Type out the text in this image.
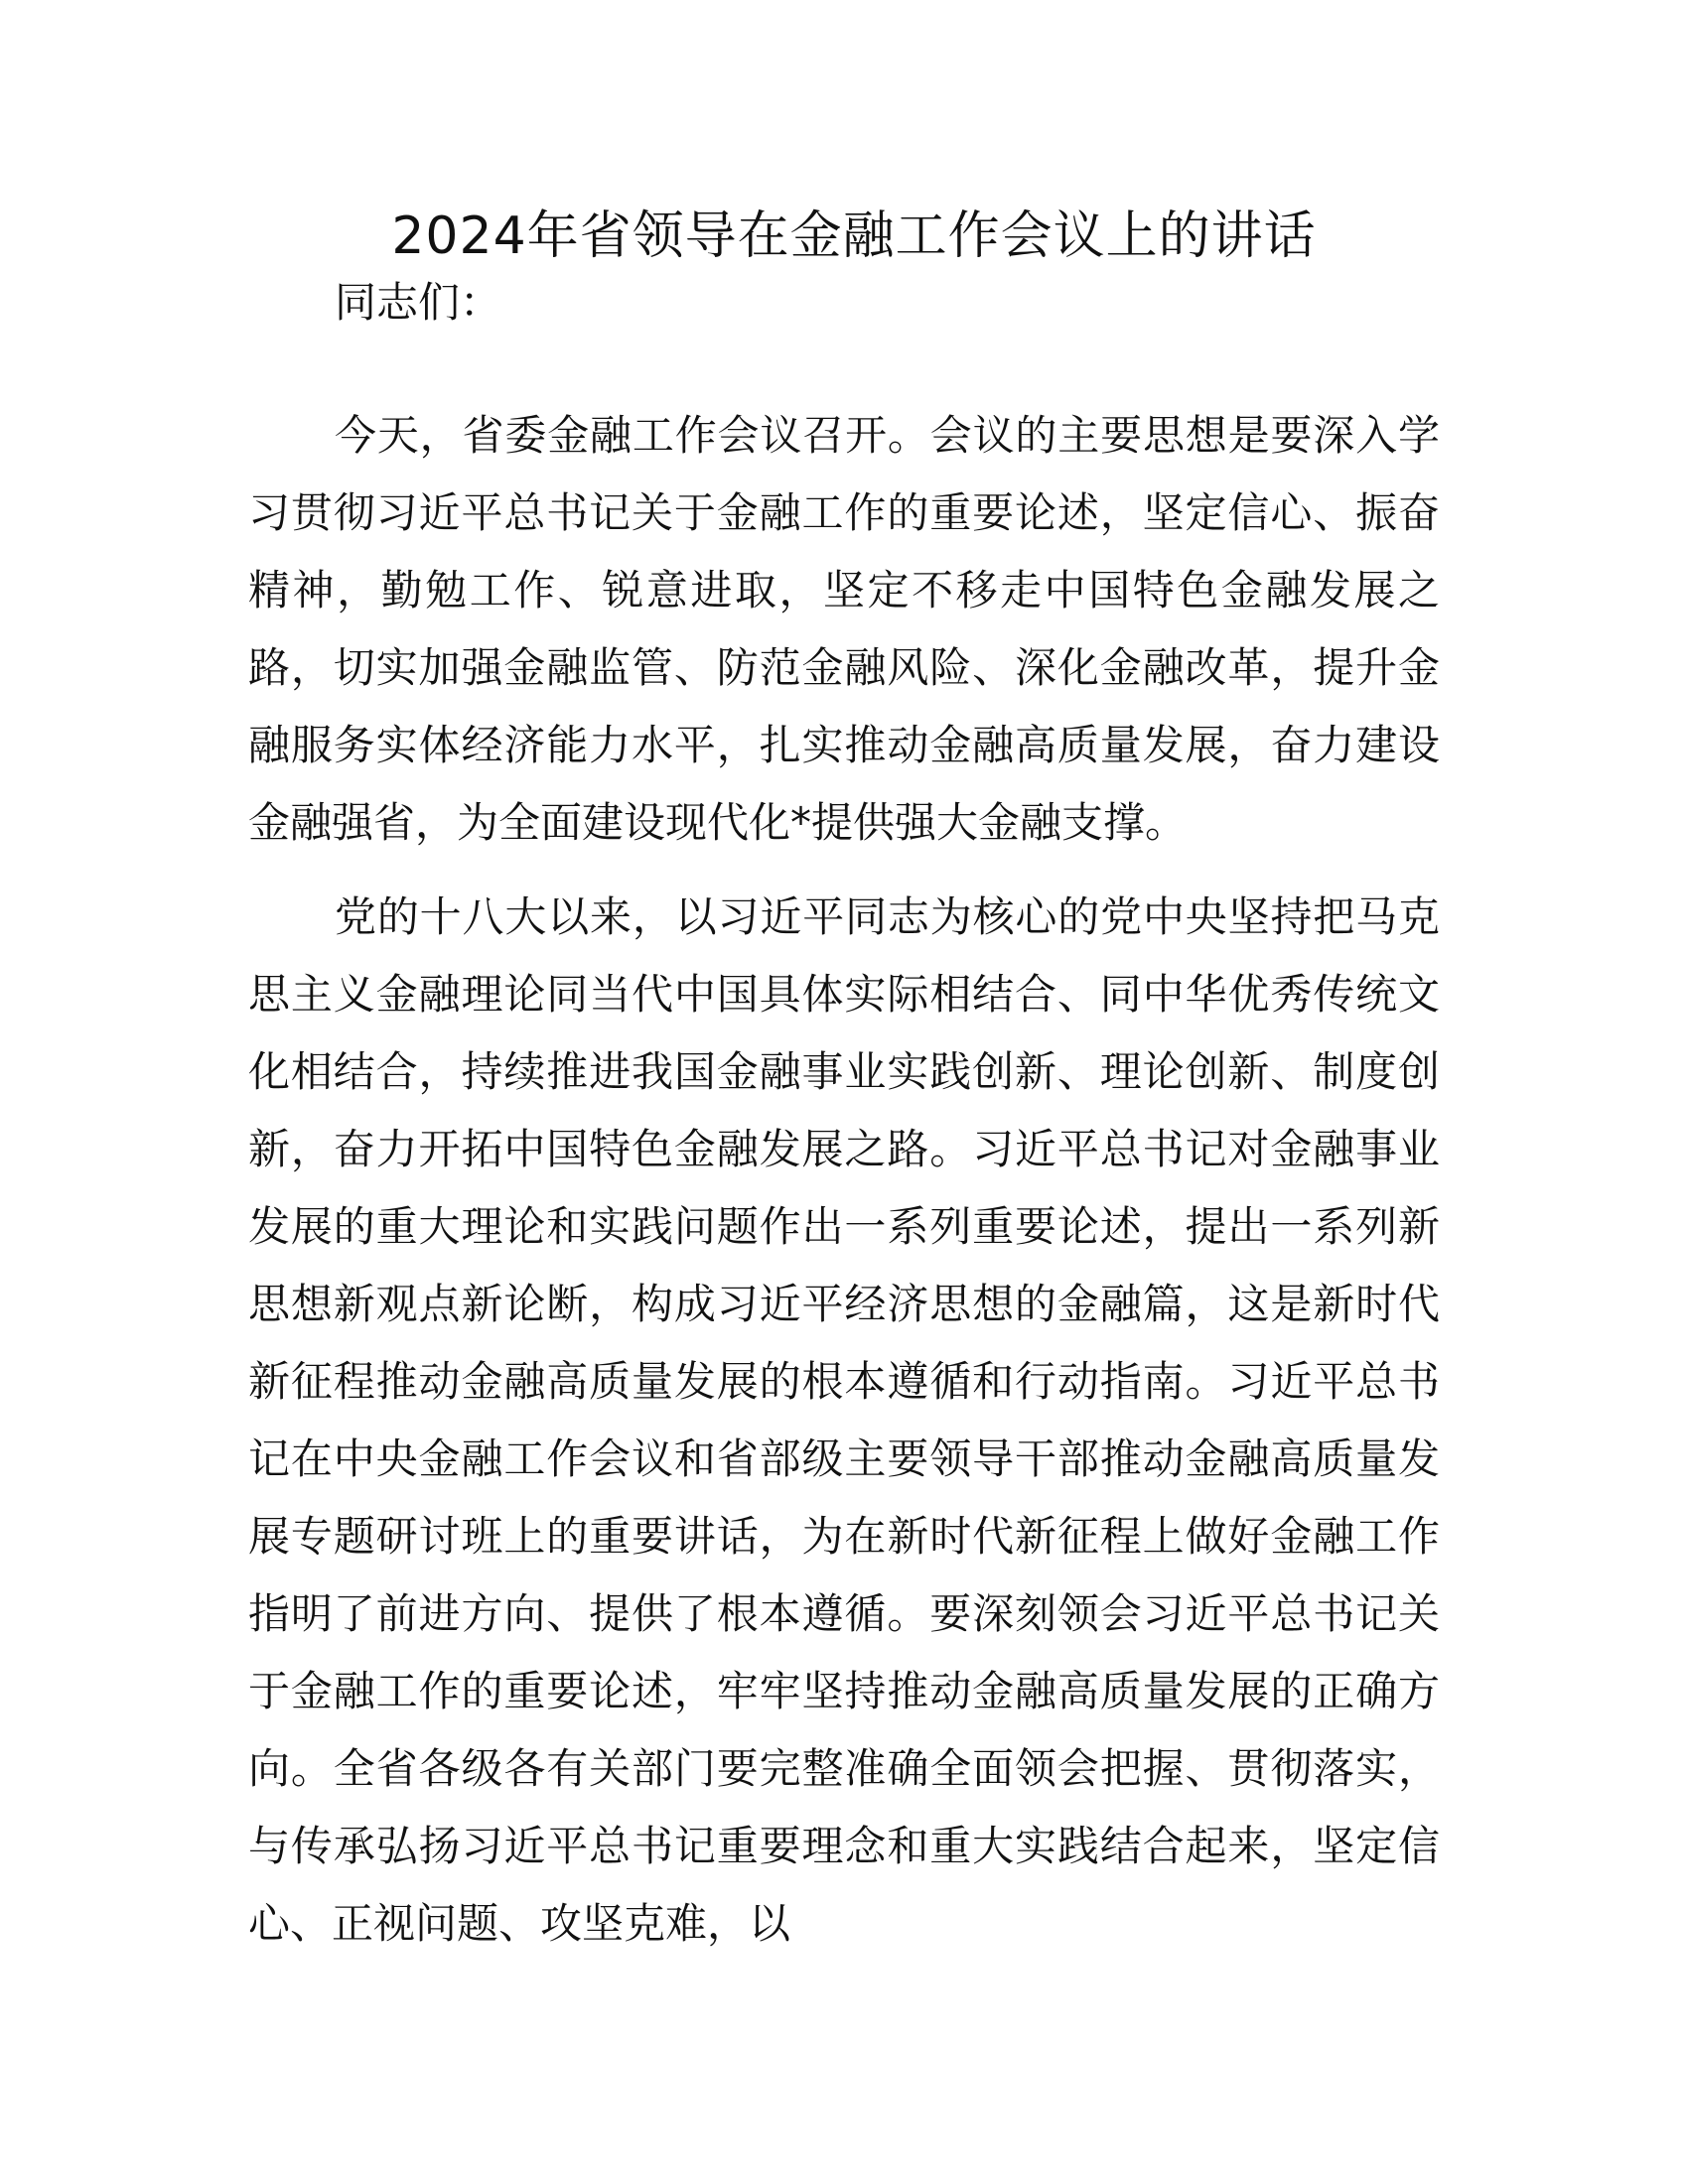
2024年省领导在金融工作会议上的讲话
同志们：

今天，省委金融工作会议召开。会议的主要思想是要深入学习贯彻习近平总书记关于金融工作的重要论述，坚定信心、振奋精神，勤勉工作、锐意进取，坚定不移走中国特色金融发展之路，切实加强金融监管、防范金融风险、深化金融改革，提升金融服务实体经济能力水平，扎实推动金融高质量发展，奋力建设金融强省，为全面建设现代化*提供强大金融支撑。

党的十八大以来，以习近平同志为核心的党中央坚持把马克思主义金融理论同当代中国具体实际相结合、同中华优秀传统文化相结合，持续推进我国金融事业实践创新、理论创新、制度创新，奋力开拓中国特色金融发展之路。习近平总书记对金融事业发展的重大理论和实践问题作出一系列重要论述，提出一系列新思想新观点新论断，构成习近平经济思想的金融篇，这是新时代新征程推动金融高质量发展的根本遵循和行动指南。习近平总书记在中央金融工作会议和省部级主要领导干部推动金融高质量发展专题研讨班上的重要讲话，为在新时代新征程上做好金融工作指明了前进方向、提供了根本遵循。要深刻领会习近平总书记关于金融工作的重要论述，牢牢坚持推动金融高质量发展的正确方向。全省各级各有关部门要完整准确全面领会把握、贯彻落实，与传承弘扬习近平总书记重要理念和重大实践结合起来，坚定信心、正视问题、攻坚克难，以
